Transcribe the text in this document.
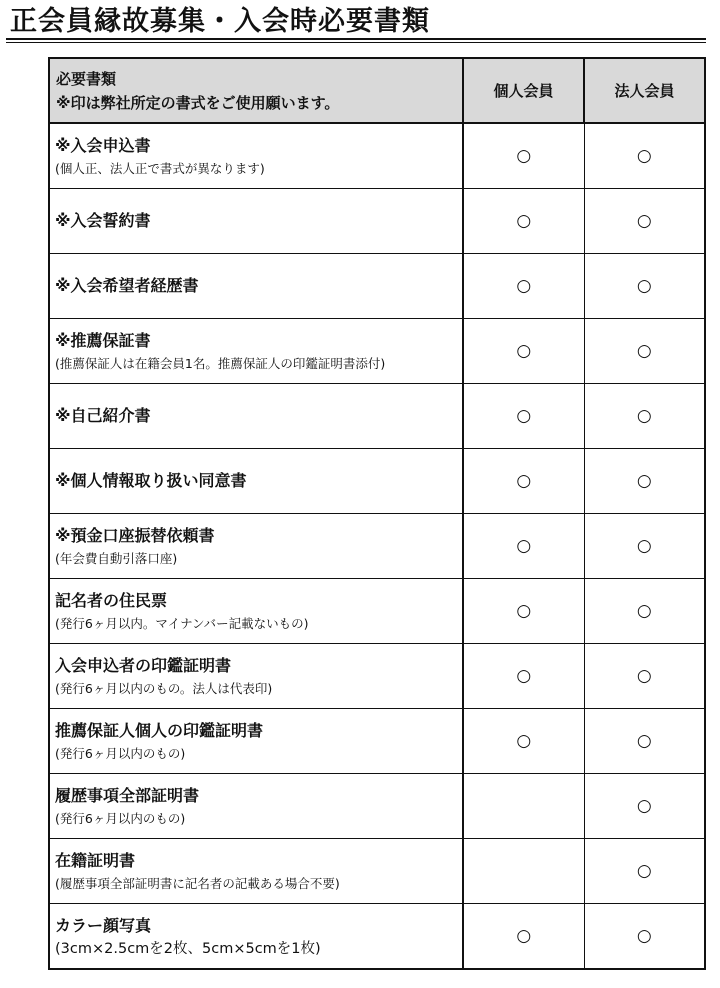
正会員縁故募集・入会時必要書類
必要書類
※印は弊社所定の書式をご使用願います。	個人会員	法人会員

※入会申込書
(個人正、法人正で書式が異なります)	○	○

※入会誓約書	○	○

※入会希望者経歴書	○	○

※推薦保証書
(推薦保証人は在籍会員1名。推薦保証人の印鑑証明書添付)	○	○

※自己紹介書	○	○

※個人情報取り扱い同意書	○	○

※預金口座振替依頼書
(年会費自動引落口座)	○	○

記名者の住民票
(発行6ヶ月以内。マイナンバー記載ないもの)	○	○

入会申込者の印鑑証明書
(発行6ヶ月以内のもの。法人は代表印)	○	○

推薦保証人個人の印鑑証明書
(発行6ヶ月以内のもの)	○	○

履歴事項全部証明書
(発行6ヶ月以内のもの)		○

在籍証明書
(履歴事項全部証明書に記名者の記載ある場合不要)		○

カラー顔写真
(3cm×2.5cmを2枚、5cm×5cmを1枚)	○	○
